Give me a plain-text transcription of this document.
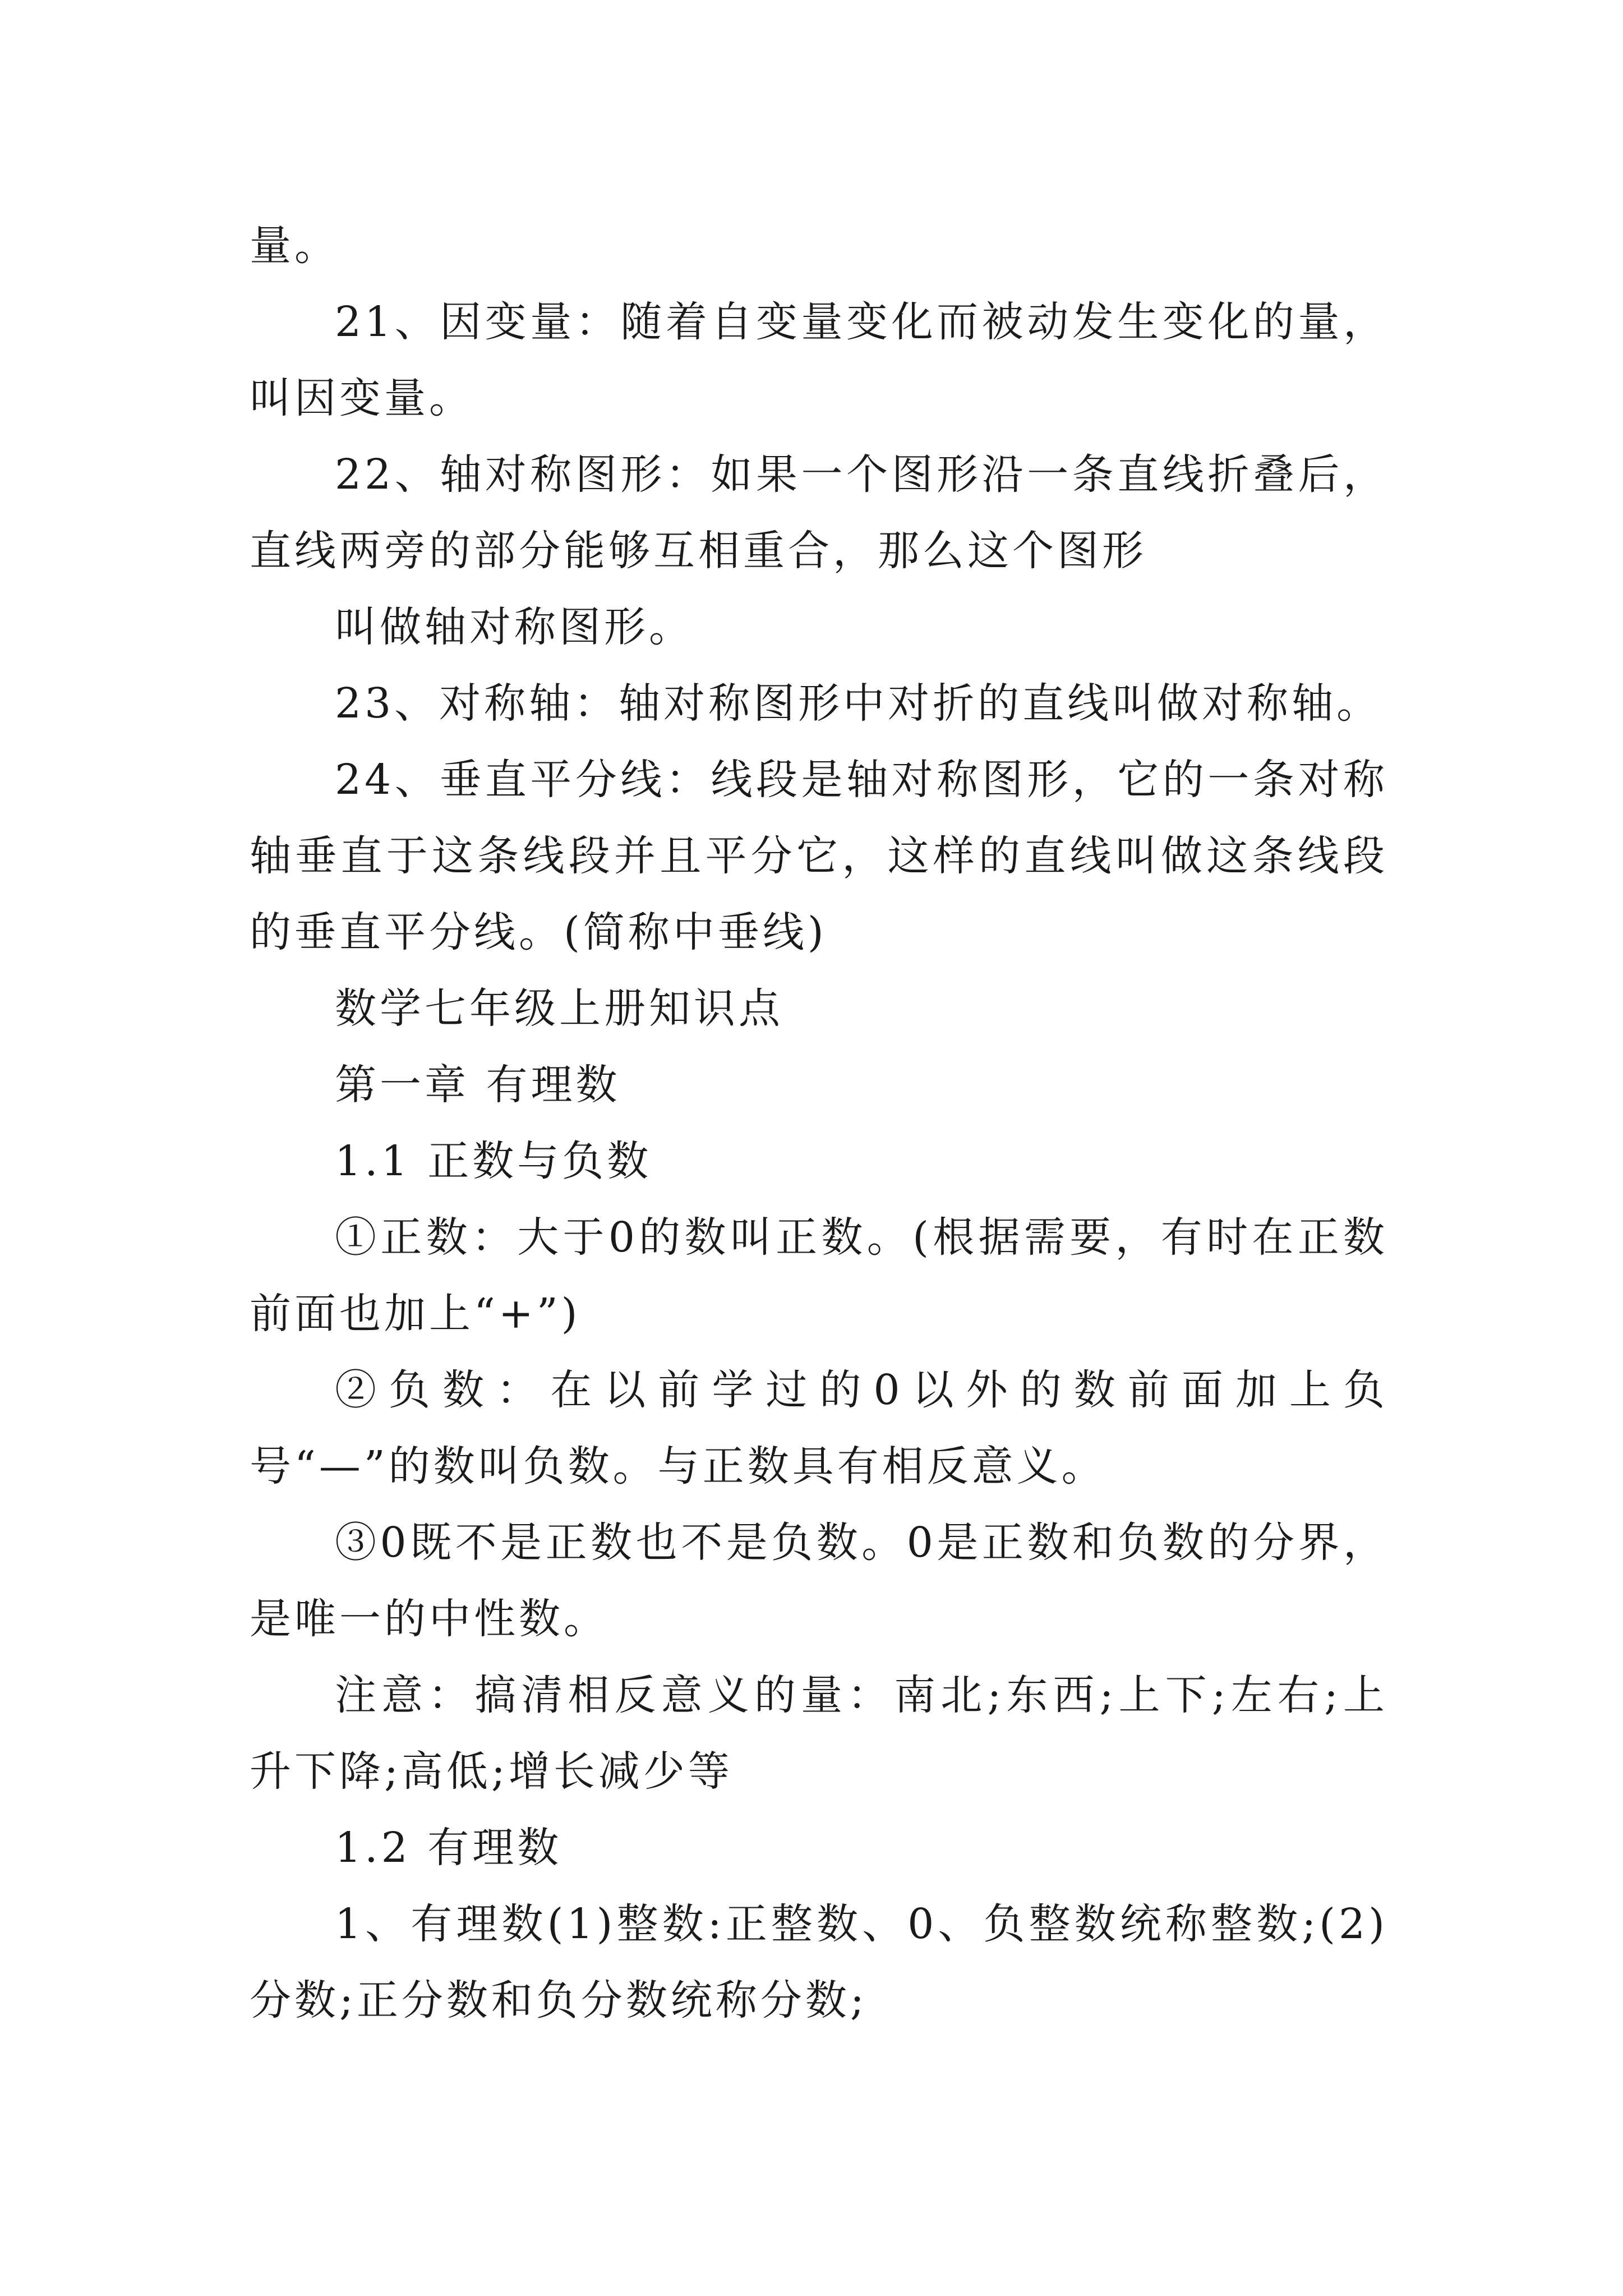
量。

21、因变量：随着自变量变化而被动发生变化的量，叫因变量。

22、轴对称图形：如果一个图形沿一条直线折叠后，直线两旁的部分能够互相重合，那么这个图形

叫做轴对称图形。

23、对称轴：轴对称图形中对折的直线叫做对称轴。

24、垂直平分线：线段是轴对称图形，它的一条对称轴垂直于这条线段并且平分它，这样的直线叫做这条线段的垂直平分线。(简称中垂线)

数学七年级上册知识点

第一章 有理数

1.1 正数与负数

①正数：大于0的数叫正数。(根据需要，有时在正数前面也加上“+”)

②负数：在以前学过的0以外的数前面加上负号“—”的数叫负数。与正数具有相反意义。

③0既不是正数也不是负数。0是正数和负数的分界，是唯一的中性数。

注意：搞清相反意义的量：南北;东西;上下;左右;上升下降;高低;增长减少等

1.2 有理数

1、有理数(1)整数:正整数、0、负整数统称整数;(2)分数;正分数和负分数统称分数;
